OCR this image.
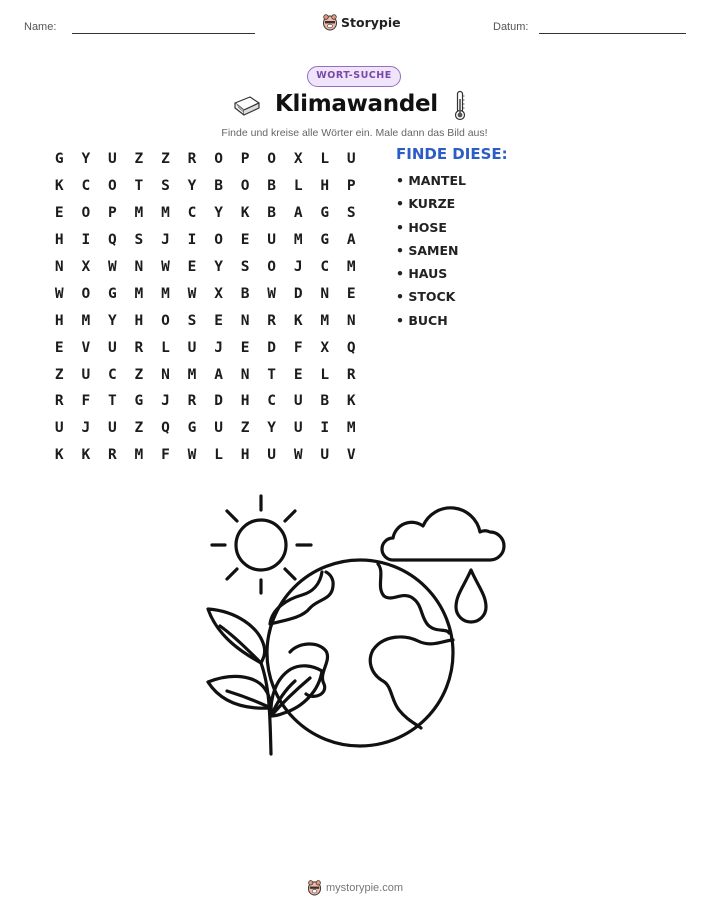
Name:	Storypie	Datum:
WORT-SUCHE
Klimawandel
Finde und kreise alle Wörter ein. Male dann das Bild aus!
G	Y	U	Z	Z	R	O	P	O	X	L	U
K	C	O	T	S	Y	B	O	B	L	H	P
E	O	P	M	M	C	Y	K	B	A	G	S
H	I	Q	S	J	I	O	E	U	M	G	A
N	X	W	N	W	E	Y	S	O	J	C	M
W	O	G	M	M	W	X	B	W	D	N	E
H	M	Y	H	O	S	E	N	R	K	M	N
E	V	U	R	L	U	J	E	D	F	X	Q
Z	U	C	Z	N	M	A	N	T	E	L	R
R	F	T	G	J	R	D	H	C	U	B	K
U	J	U	Z	Q	G	U	Z	Y	U	I	M
K	K	R	M	F	W	L	H	U	W	U	V
FINDE DIESE:
• MANTEL
• KURZE
• HOSE
• SAMEN
• HAUS
• STOCK
• BUCH
mystorypie.com
